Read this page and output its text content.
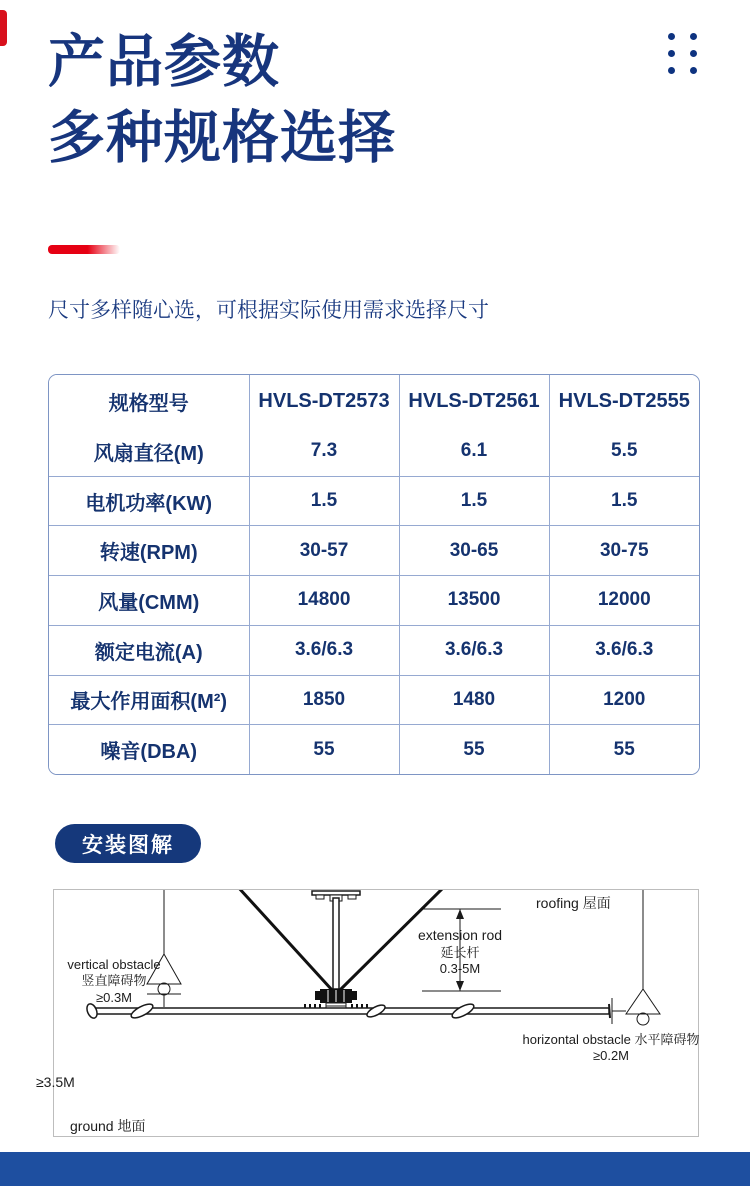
产品参数
多种规格选择
尺寸多样随心选，可根据实际使用需求选择尺寸
规格型号	HVLS-DT2573	HVLS-DT2561	HVLS-DT2555
风扇直径(M)	7.3	6.1	5.5
电机功率(KW)	1.5	1.5	1.5
转速(RPM)	30-57	30-65	30-75
风量(CMM)	14800	13500	12000
额定电流(A)	3.6/6.3	3.6/6.3	3.6/6.3
最大作用面积(M²)	1850	1480	1200
噪音(DBA)	55	55	55
安装图解
roofing 屋面
extension rod
延长杆
0.3-5M
vertical obstacle
竖直障碍物
≥0.3M
horizontal obstacle 水平障碍物
≥0.2M
≥3.5M
ground 地面
